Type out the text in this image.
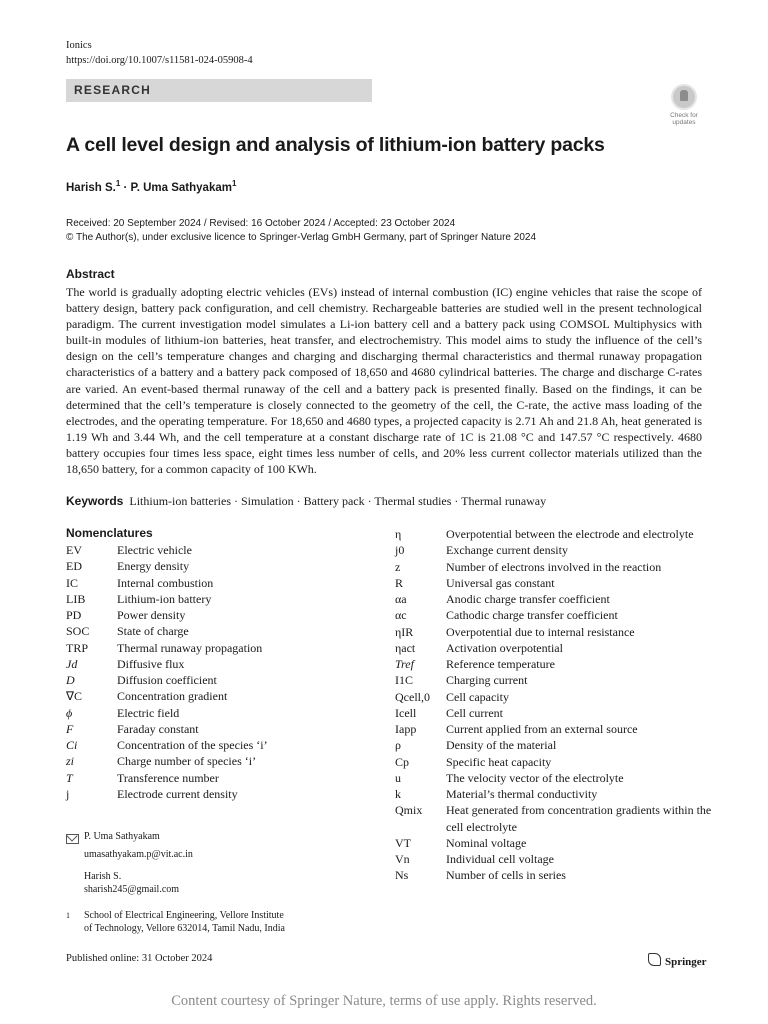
Ionics
https://doi.org/10.1007/s11581-024-05908-4
RESEARCH
Check for updates
A cell level design and analysis of lithium-ion battery packs
Harish S.$^1$ · P. Uma Sathyakam$^1$
Received: 20 September 2024 / Revised: 16 October 2024 / Accepted: 23 October 2024
© The Author(s), under exclusive licence to Springer-Verlag GmbH Germany, part of Springer Nature 2024
Abstract
The world is gradually adopting electric vehicles (EVs) instead of internal combustion (IC) engine vehicles that raise the scope of battery design, battery pack configuration, and cell chemistry. Rechargeable batteries are studied well in the present technological paradigm. The current investigation model simulates a Li-ion battery cell and a battery pack using COMSOL Multiphysics with built-in modules of lithium-ion batteries, heat transfer, and electrochemistry. This model aims to study the influence of the cell’s design on the cell’s temperature changes and charging and discharging thermal characteristics and thermal runaway propagation characteristics of a battery and a battery pack composed of 18,650 and 4680 cylindrical batteries. The charge and discharge C-rates are varied. An event-based thermal runaway of the cell and a battery pack is presented finally. Based on the findings, it can be determined that the cell’s temperature is closely connected to the geometry of the cell, the C-rate, the active mass loading of the electrodes, and the operating temperature. For 18,650 and 4680 types, a projected capacity is 2.71 Ah and 21.8 Ah, heat generated is 1.19 Wh and 3.44 Wh, and the cell temperature at a constant discharge rate of 1C is 21.08 °C and 147.57 °C respectively. 4680 battery occupies four times less space, eight times less number of cells, and 20% less current collector materials utilized than the 18,650 battery, for a common capacity of 100 KWh.
Keywords Lithium-ion batteries · Simulation · Battery pack · Thermal studies · Thermal runaway
Nomenclatures
EV	Electric vehicle
ED	Energy density
IC	Internal combustion
LIB	Lithium-ion battery
PD	Power density
SOC	State of charge
TRP	Thermal runaway propagation
Jd	Diffusive flux
D	Diffusion coefficient
∇C	Concentration gradient
ϕ	Electric field
F	Faraday constant
Ci	Concentration of the species ‘i’
zi	Charge number of species ‘i’
T	Transference number
j	Electrode current density
η	Overpotential between the electrode and electrolyte
j0	Exchange current density
z	Number of electrons involved in the reaction
R	Universal gas constant
αa	Anodic charge transfer coefficient
αc	Cathodic charge transfer coefficient
ηIR	Overpotential due to internal resistance
ηact	Activation overpotential
Tref	Reference temperature
I1C	Charging current
Qcell,0	Cell capacity
Icell	Cell current
Iapp	Current applied from an external source
ρ	Density of the material
Cp	Specific heat capacity
u	The velocity vector of the electrolyte
k	Material’s thermal conductivity
Qmix	Heat generated from concentration gradients within the cell electrolyte
VT	Nominal voltage
Vn	Individual cell voltage
Ns	Number of cells in series
P. Uma Sathyakam
umasathyakam.p@vit.ac.in
Harish S.
sharish245@gmail.com
1	School of Electrical Engineering, Vellore Institute
of Technology, Vellore 632014, Tamil Nadu, India
Published online: 31 October 2024	Springer
Content courtesy of Springer Nature, terms of use apply. Rights reserved.
